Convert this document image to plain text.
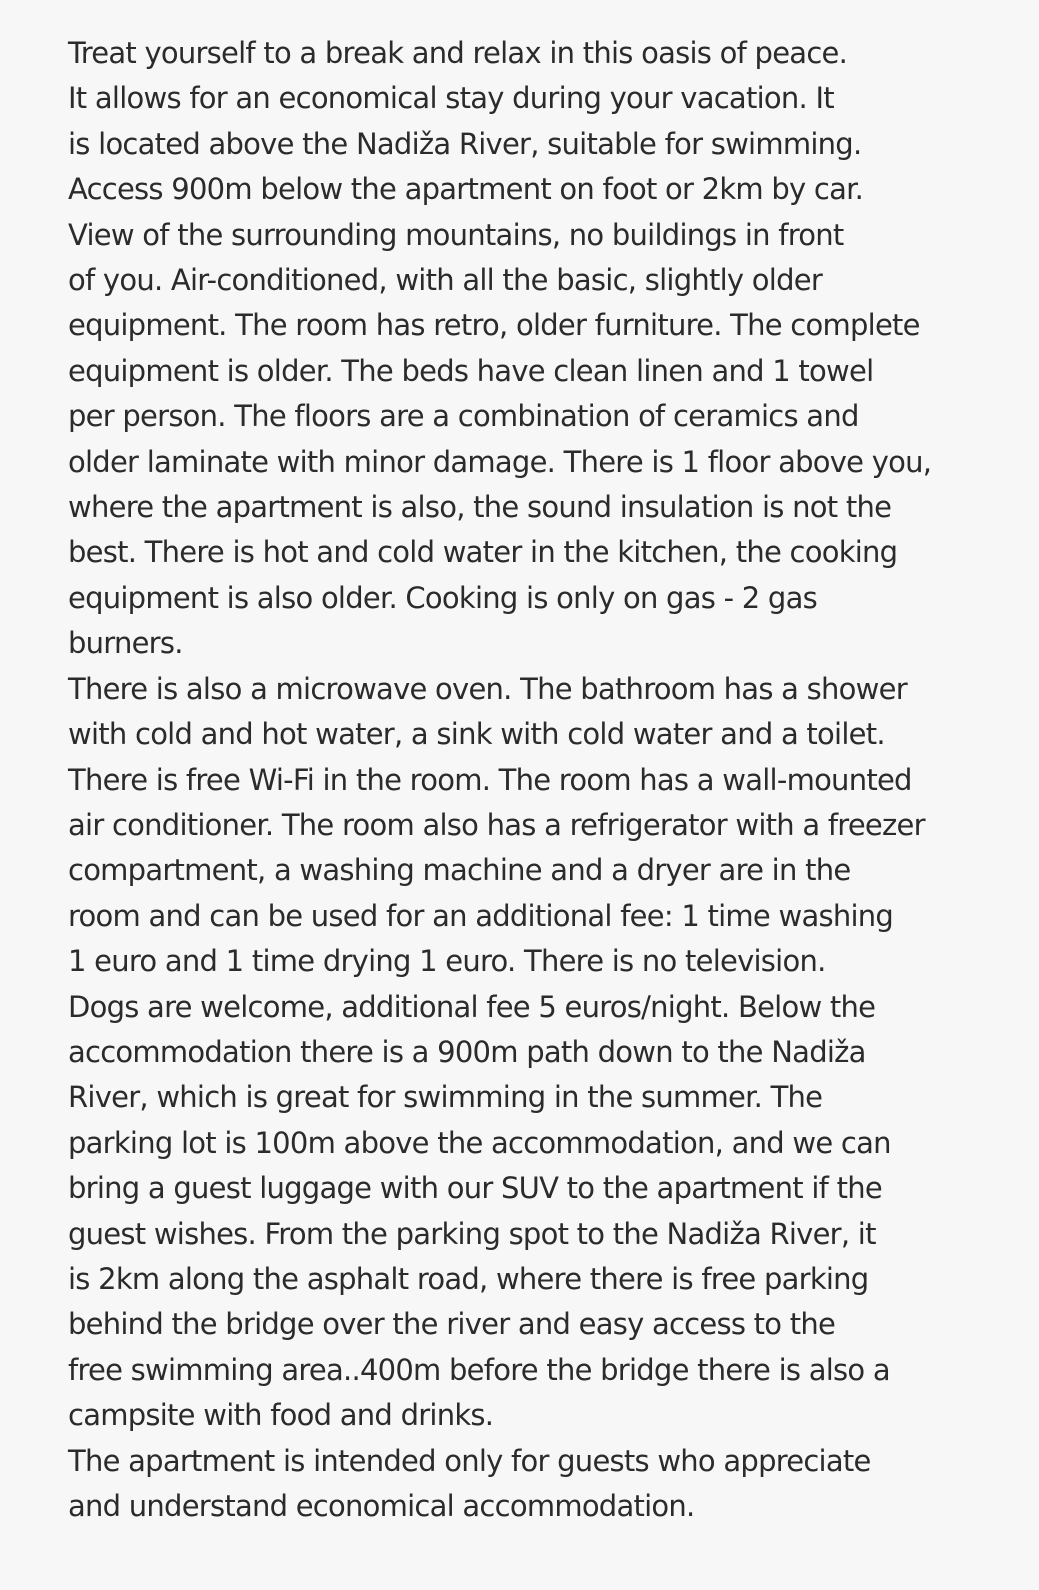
Treat yourself to a break and relax in this oasis of peace.
It allows for an economical stay during your vacation. It
is located above the Nadiža River, suitable for swimming.
Access 900m below the apartment on foot or 2km by car.
View of the surrounding mountains, no buildings in front
of you. Air-conditioned, with all the basic, slightly older
equipment. The room has retro, older furniture. The complete
equipment is older. The beds have clean linen and 1 towel
per person. The floors are a combination of ceramics and
older laminate with minor damage. There is 1 floor above you,
where the apartment is also, the sound insulation is not the
best. There is hot and cold water in the kitchen, the cooking
equipment is also older. Cooking is only on gas - 2 gas
burners.
There is also a microwave oven. The bathroom has a shower
with cold and hot water, a sink with cold water and a toilet.
There is free Wi-Fi in the room. The room has a wall-mounted
air conditioner. The room also has a refrigerator with a freezer
compartment, a washing machine and a dryer are in the
room and can be used for an additional fee: 1 time washing
1 euro and 1 time drying 1 euro. There is no television.
Dogs are welcome, additional fee 5 euros/night. Below the
accommodation there is a 900m path down to the Nadiža
River, which is great for swimming in the summer. The
parking lot is 100m above the accommodation, and we can
bring a guest luggage with our SUV to the apartment if the
guest wishes. From the parking spot to the Nadiža River, it
is 2km along the asphalt road, where there is free parking
behind the bridge over the river and easy access to the
free swimming area..400m before the bridge there is also a
campsite with food and drinks.
The apartment is intended only for guests who appreciate
and understand economical accommodation.
